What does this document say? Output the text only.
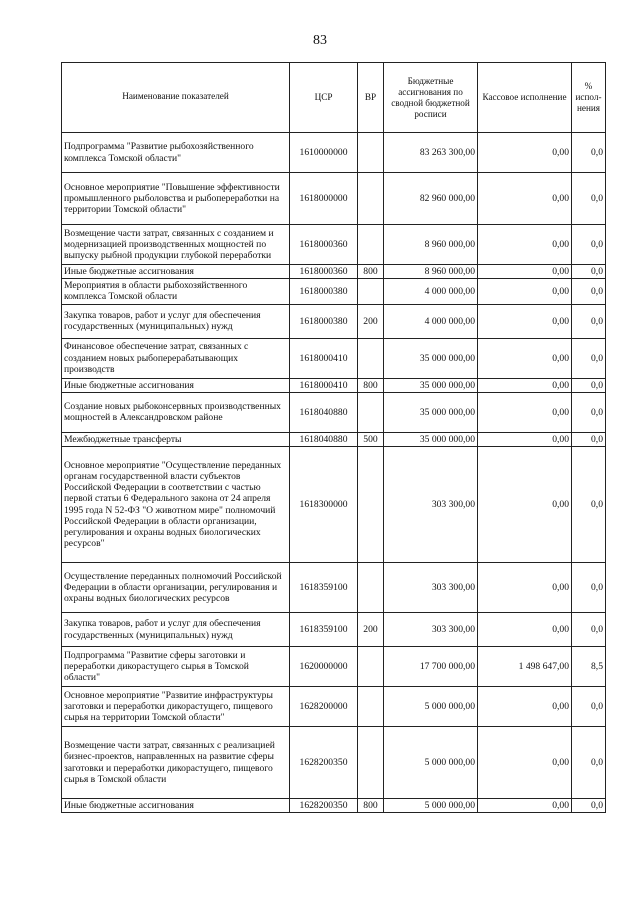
83
Наименование показателей	ЦСР	ВР	Бюджетные ассигнования по сводной бюджетной росписи	Кассовое исполнение	% испол-нения
Подпрограмма "Развитие рыбохозяйственного комплекса Томской области"	1610000000		83 263 300,00	0,00	0,0
Основное мероприятие "Повышение эффективности промышленного рыболовства и рыбопереработки на территории Томской области"	1618000000		82 960 000,00	0,00	0,0
Возмещение части затрат, связанных с созданием и модернизацией производственных мощностей по выпуску рыбной продукции глубокой переработки	1618000360		8 960 000,00	0,00	0,0
Иные бюджетные ассигнования	1618000360	800	8 960 000,00	0,00	0,0
Мероприятия в области рыбохозяйственного комплекса Томской области	1618000380		4 000 000,00	0,00	0,0
Закупка товаров, работ и услуг для обеспечения государственных (муниципальных) нужд	1618000380	200	4 000 000,00	0,00	0,0
Финансовое обеспечение затрат, связанных с созданием новых рыбоперерабатывающих производств	1618000410		35 000 000,00	0,00	0,0
Иные бюджетные ассигнования	1618000410	800	35 000 000,00	0,00	0,0
Создание новых рыбоконсервных производственных мощностей в Александровском районе	1618040880		35 000 000,00	0,00	0,0
Межбюджетные трансферты	1618040880	500	35 000 000,00	0,00	0,0
Основное мероприятие "Осуществление переданных органам государственной власти субъектов Российской Федерации в соответствии с частью первой статьи 6 Федерального закона от 24 апреля 1995 года N 52-ФЗ "О животном мире" полномочий Российской Федерации в области организации, регулирования и охраны водных биологических ресурсов"	1618300000		303 300,00	0,00	0,0
Осуществление переданных полномочий Российской Федерации в области организации, регулирования и охраны водных биологических ресурсов	1618359100		303 300,00	0,00	0,0
Закупка товаров, работ и услуг для обеспечения государственных (муниципальных) нужд	1618359100	200	303 300,00	0,00	0,0
Подпрограмма "Развитие сферы заготовки и переработки дикорастущего сырья в Томской области"	1620000000		17 700 000,00	1 498 647,00	8,5
Основное мероприятие "Развитие инфраструктуры заготовки и переработки дикорастущего, пищевого сырья на территории Томской области"	1628200000		5 000 000,00	0,00	0,0
Возмещение части затрат, связанных с реализацией бизнес-проектов, направленных на развитие сферы заготовки и переработки дикорастущего, пищевого сырья в Томской области	1628200350		5 000 000,00	0,00	0,0
Иные бюджетные ассигнования	1628200350	800	5 000 000,00	0,00	0,0
